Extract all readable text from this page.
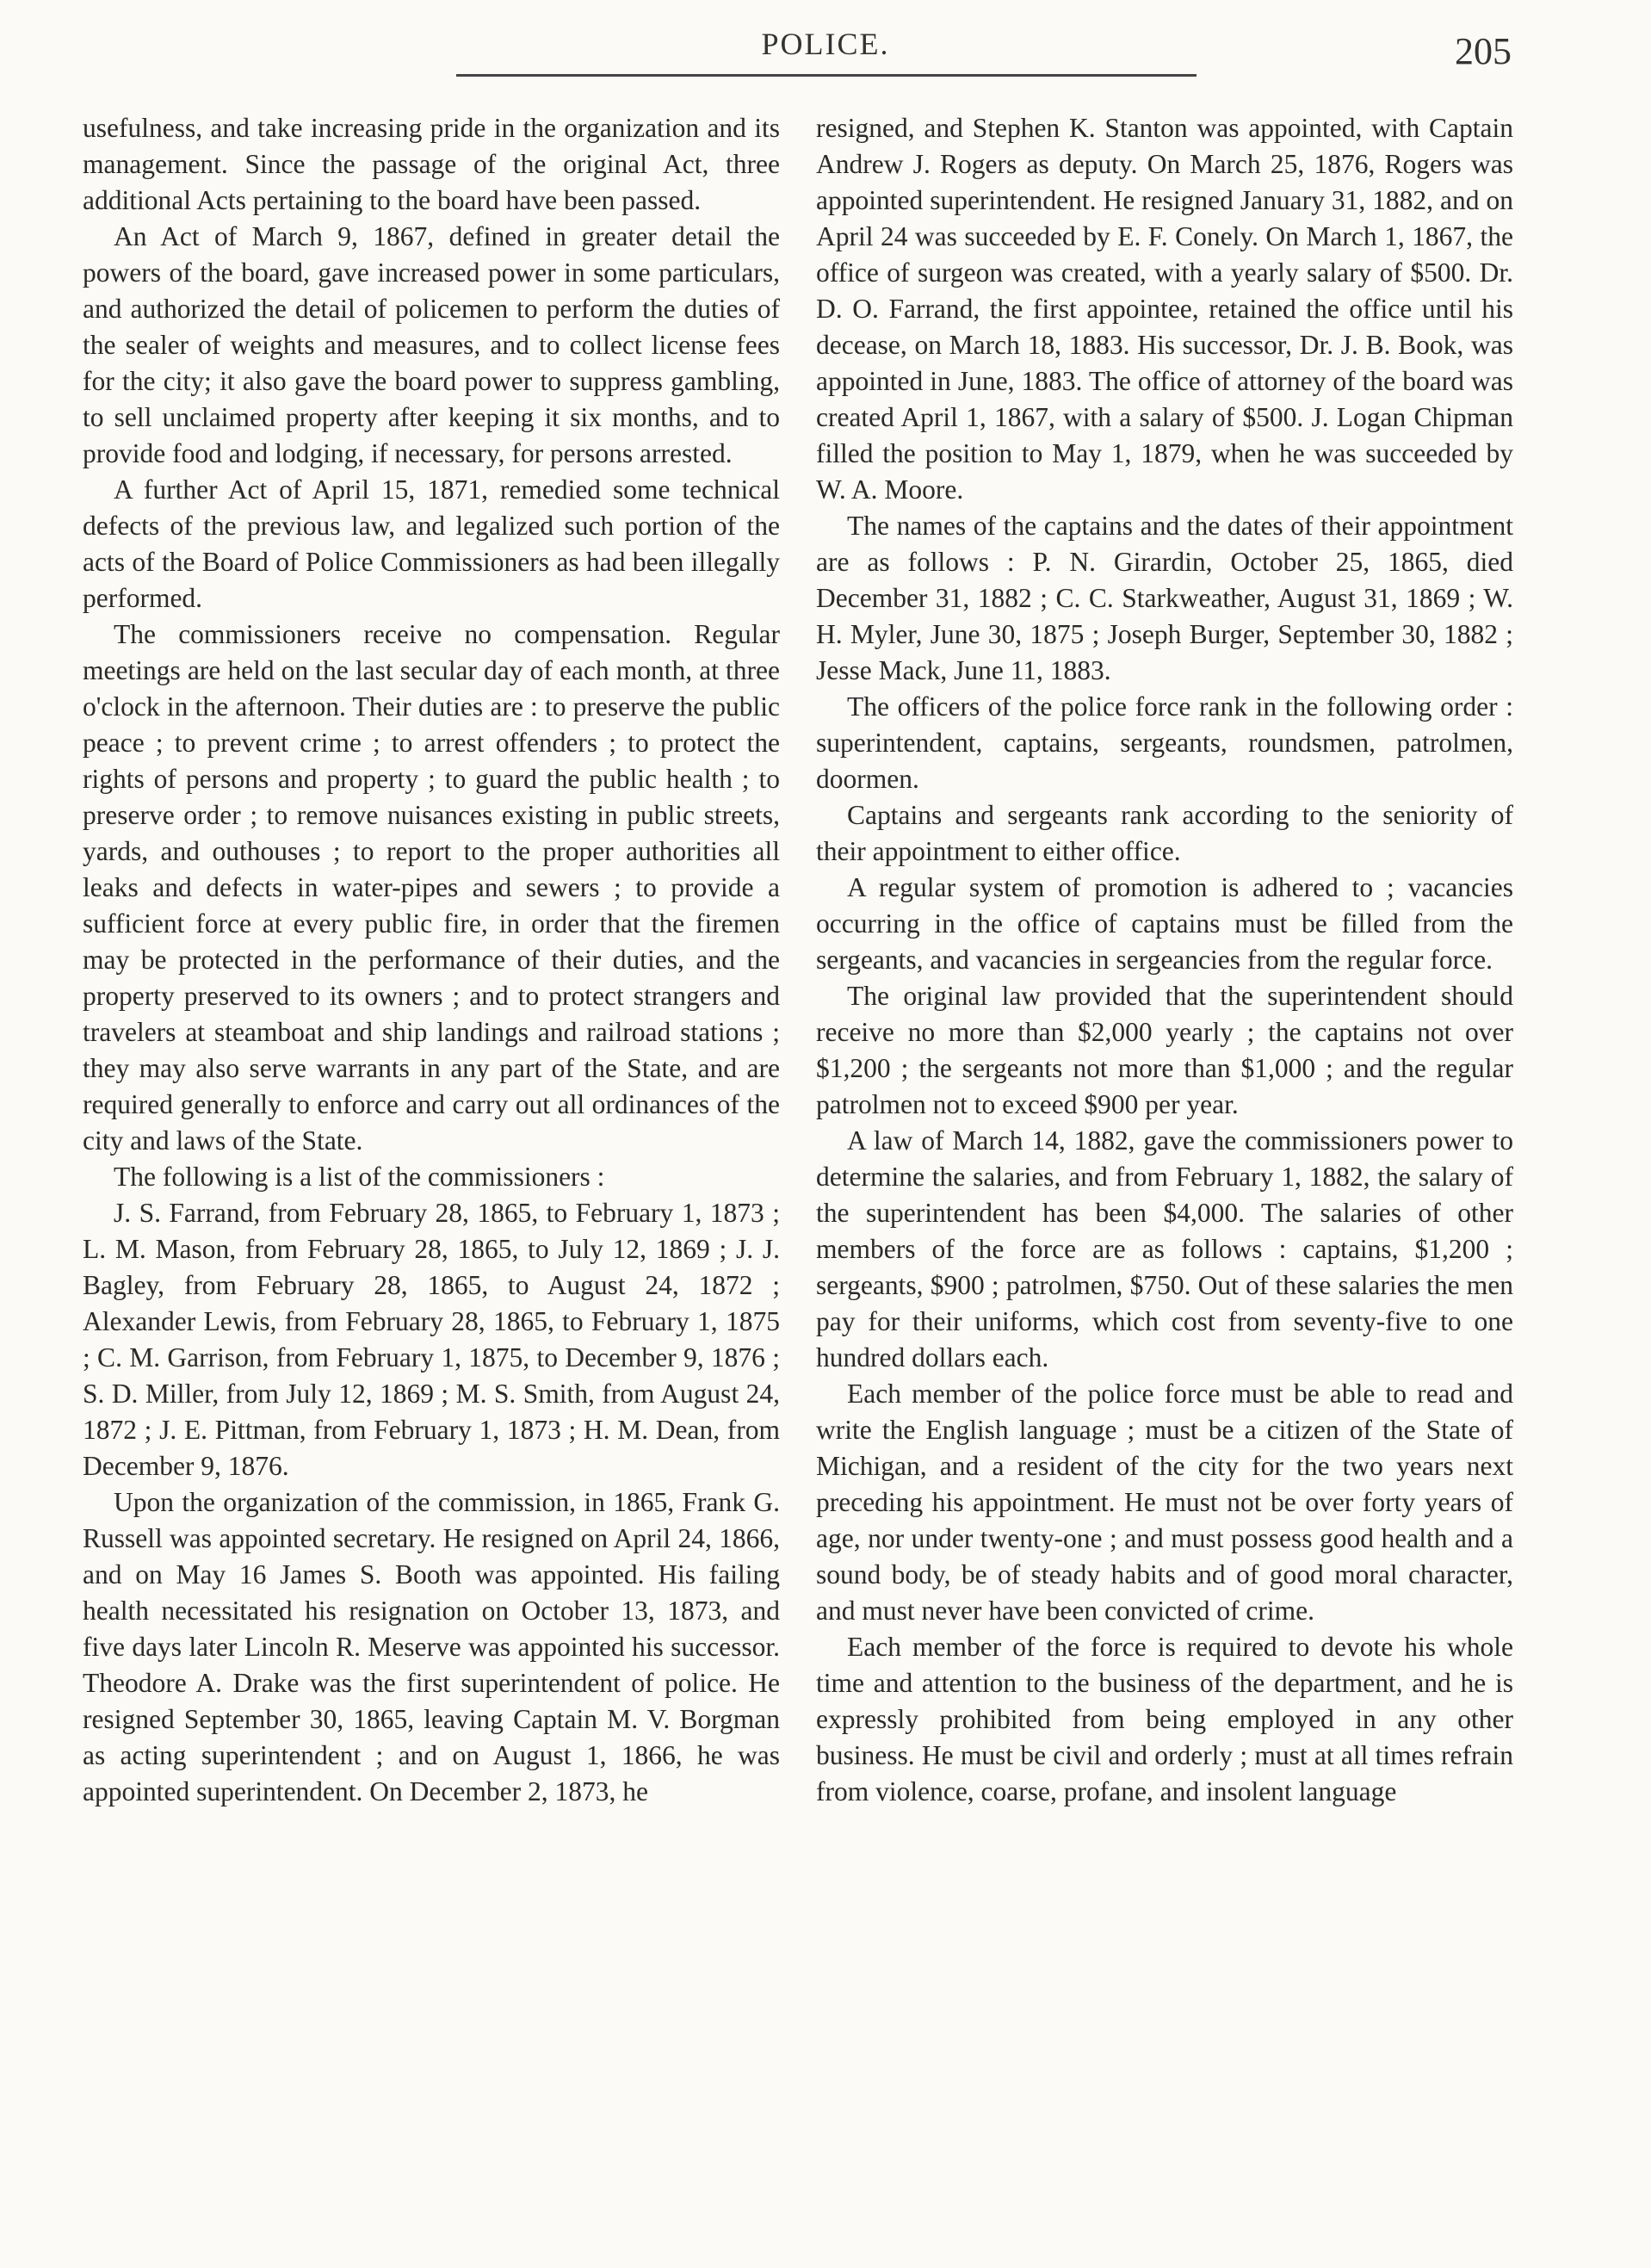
POLICE.	205

usefulness, and take increasing pride in the organization and its management. Since the passage of the original Act, three additional Acts pertaining to the board have been passed.

An Act of March 9, 1867, defined in greater detail the powers of the board, gave increased power in some particulars, and authorized the detail of policemen to perform the duties of the sealer of weights and measures, and to collect license fees for the city; it also gave the board power to suppress gambling, to sell unclaimed property after keeping it six months, and to provide food and lodging, if necessary, for persons arrested.

A further Act of April 15, 1871, remedied some technical defects of the previous law, and legalized such portion of the acts of the Board of Police Commissioners as had been illegally performed.

The commissioners receive no compensation. Regular meetings are held on the last secular day of each month, at three o'clock in the afternoon. Their duties are : to preserve the public peace ; to prevent crime ; to arrest offenders ; to protect the rights of persons and property ; to guard the public health ; to preserve order ; to remove nuisances existing in public streets, yards, and outhouses ; to report to the proper authorities all leaks and defects in water-pipes and sewers ; to provide a sufficient force at every public fire, in order that the firemen may be protected in the performance of their duties, and the property preserved to its owners ; and to protect strangers and travelers at steamboat and ship landings and railroad stations ; they may also serve warrants in any part of the State, and are required generally to enforce and carry out all ordinances of the city and laws of the State.

The following is a list of the commissioners :

J. S. Farrand, from February 28, 1865, to February 1, 1873 ; L. M. Mason, from February 28, 1865, to July 12, 1869 ; J. J. Bagley, from February 28, 1865, to August 24, 1872 ; Alexander Lewis, from February 28, 1865, to February 1, 1875 ; C. M. Garrison, from February 1, 1875, to December 9, 1876 ; S. D. Miller, from July 12, 1869 ; M. S. Smith, from August 24, 1872 ; J. E. Pittman, from February 1, 1873 ; H. M. Dean, from December 9, 1876.

Upon the organization of the commission, in 1865, Frank G. Russell was appointed secretary. He resigned on April 24, 1866, and on May 16 James S. Booth was appointed. His failing health necessitated his resignation on October 13, 1873, and five days later Lincoln R. Meserve was appointed his successor. Theodore A. Drake was the first superintendent of police. He resigned September 30, 1865, leaving Captain M. V. Borgman as acting superintendent ; and on August 1, 1866, he was appointed superintendent. On December 2, 1873, he

resigned, and Stephen K. Stanton was appointed, with Captain Andrew J. Rogers as deputy. On March 25, 1876, Rogers was appointed superintendent. He resigned January 31, 1882, and on April 24 was succeeded by E. F. Conely. On March 1, 1867, the office of surgeon was created, with a yearly salary of $500. Dr. D. O. Farrand, the first appointee, retained the office until his decease, on March 18, 1883. His successor, Dr. J. B. Book, was appointed in June, 1883. The office of attorney of the board was created April 1, 1867, with a salary of $500. J. Logan Chipman filled the position to May 1, 1879, when he was succeeded by W. A. Moore.

The names of the captains and the dates of their appointment are as follows : P. N. Girardin, October 25, 1865, died December 31, 1882 ; C. C. Starkweather, August 31, 1869 ; W. H. Myler, June 30, 1875 ; Joseph Burger, September 30, 1882 ; Jesse Mack, June 11, 1883.

The officers of the police force rank in the following order : superintendent, captains, sergeants, roundsmen, patrolmen, doormen.

Captains and sergeants rank according to the seniority of their appointment to either office.

A regular system of promotion is adhered to ; vacancies occurring in the office of captains must be filled from the sergeants, and vacancies in sergeancies from the regular force.

The original law provided that the superintendent should receive no more than $2,000 yearly ; the captains not over $1,200 ; the sergeants not more than $1,000 ; and the regular patrolmen not to exceed $900 per year.

A law of March 14, 1882, gave the commissioners power to determine the salaries, and from February 1, 1882, the salary of the superintendent has been $4,000. The salaries of other members of the force are as follows : captains, $1,200 ; sergeants, $900 ; patrolmen, $750. Out of these salaries the men pay for their uniforms, which cost from seventy-five to one hundred dollars each.

Each member of the police force must be able to read and write the English language ; must be a citizen of the State of Michigan, and a resident of the city for the two years next preceding his appointment. He must not be over forty years of age, nor under twenty-one ; and must possess good health and a sound body, be of steady habits and of good moral character, and must never have been convicted of crime.

Each member of the force is required to devote his whole time and attention to the business of the department, and he is expressly prohibited from being employed in any other business. He must be civil and orderly ; must at all times refrain from violence, coarse, profane, and insolent language
